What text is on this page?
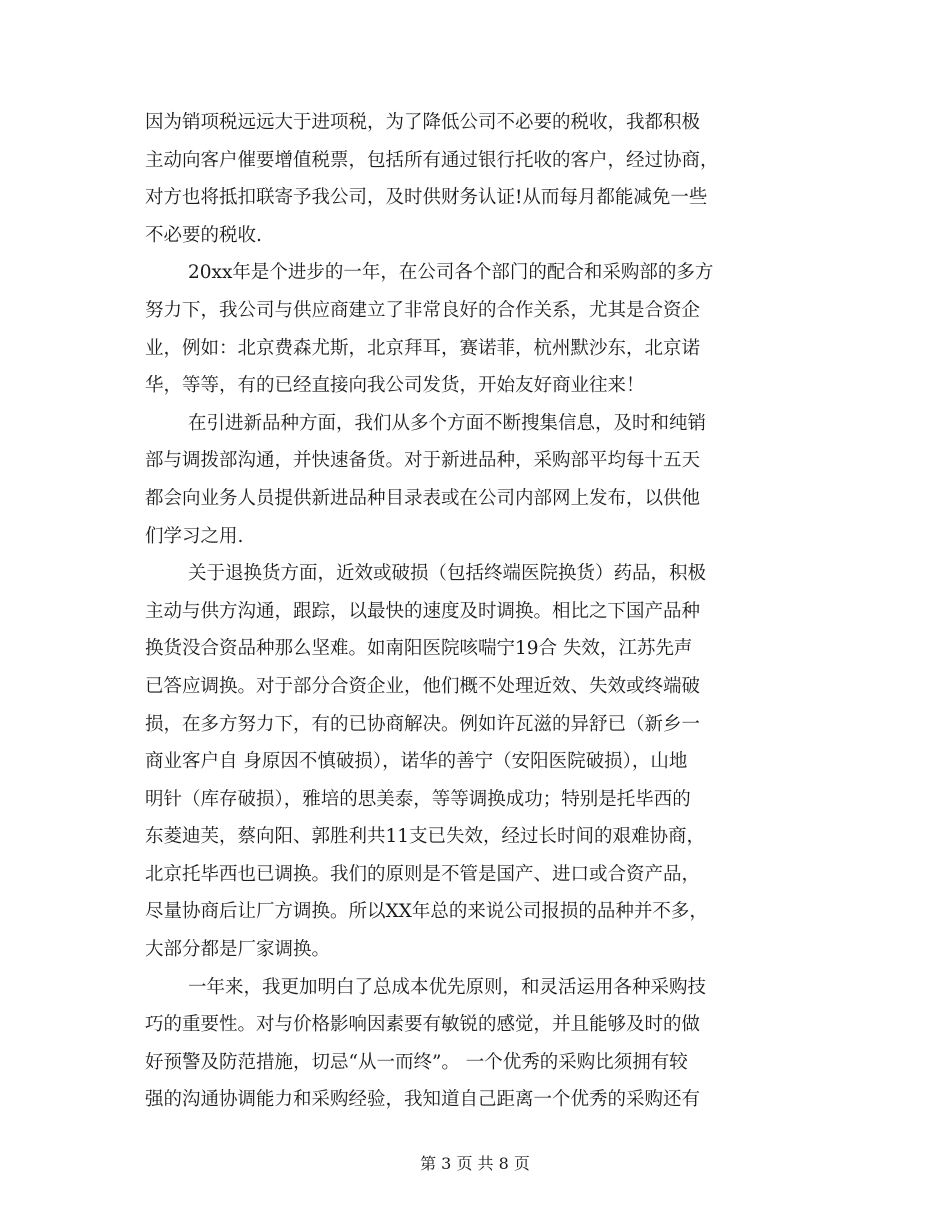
因为销项税远远大于进项税，为了降低公司不必要的税收，我都积极
主动向客户催要增值税票，包括所有通过银行托收的客户，经过协商，
对方也将抵扣联寄予我公司，及时供财务认证!从而每月都能减免一些
不必要的税收.
20xx年是个进步的一年，在公司各个部门的配合和采购部的多方
努力下，我公司与供应商建立了非常良好的合作关系，尤其是合资企
业，例如：北京费森尤斯，北京拜耳，赛诺菲，杭州默沙东，北京诺
华，等等，有的已经直接向我公司发货，开始友好商业往来！
在引进新品种方面，我们从多个方面不断搜集信息，及时和纯销
部与调拨部沟通，并快速备货。对于新进品种，采购部平均每十五天
都会向业务人员提供新进品种目录表或在公司内部网上发布，以供他
们学习之用.
关于退换货方面，近效或破损（包括终端医院换货）药品，积极
主动与供方沟通，跟踪，以最快的速度及时调换。相比之下国产品种
换货没合资品种那么坚难。如南阳医院咳喘宁19合 失效，江苏先声
已答应调换。对于部分合资企业，他们概不处理近效、失效或终端破
损，在多方努力下，有的已协商解决。例如许瓦滋的异舒已（新乡一
商业客户自 身原因不慎破损），诺华的善宁（安阳医院破损），山地
明针（库存破损），雅培的思美泰，等等调换成功；特别是托毕西的
东菱迪芙，蔡向阳、郭胜利共11支已失效，经过长时间的艰难协商，
北京托毕西也已调换。我们的原则是不管是国产、进口或合资产品，
尽量协商后让厂方调换。所以XX年总的来说公司报损的品种并不多，
大部分都是厂家调换。
一年来，我更加明白了总成本优先原则，和灵活运用各种采购技
巧的重要性。对与价格影响因素要有敏锐的感觉，并且能够及时的做
好预警及防范措施，切忌“从一而终”。 一个优秀的采购比须拥有较
强的沟通协调能力和采购经验，我知道自己距离一个优秀的采购还有
第 3 页 共 8 页
